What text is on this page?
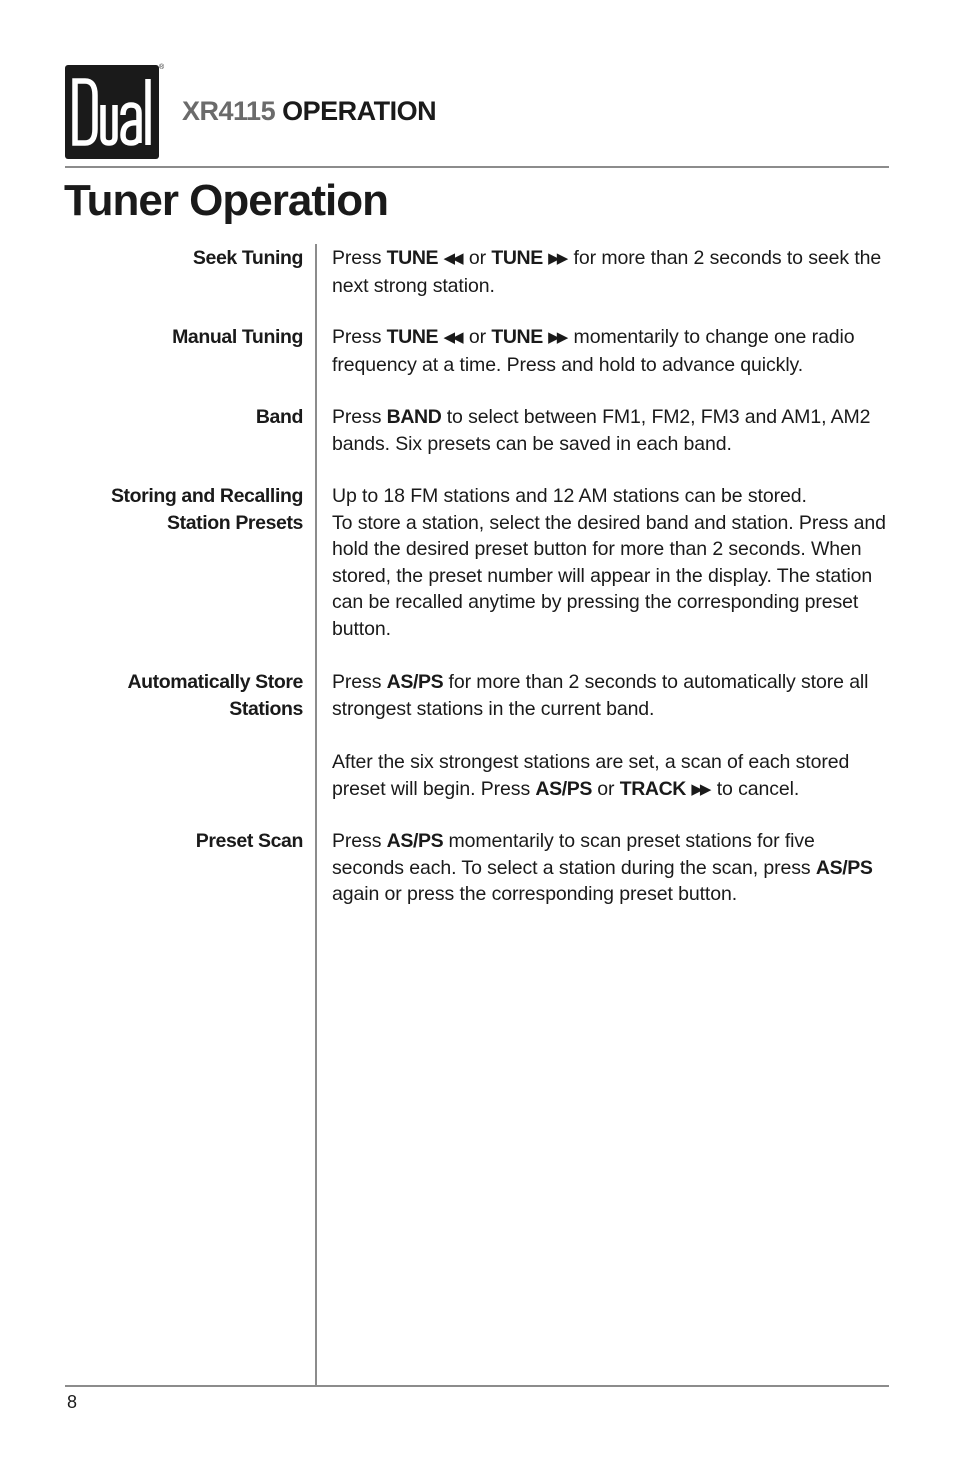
®
XR4115 OPERATION
Tuner Operation
Seek Tuning Press TUNE ◀◀ or TUNE ▶▶ for more than 2 seconds to seek the next strong station.
Manual Tuning Press TUNE ◀◀ or TUNE ▶▶ momentarily to change one radio frequency at a time. Press and hold to advance quickly.
Band Press BAND to select between FM1, FM2, FM3 and AM1, AM2 bands. Six presets can be saved in each band.
Storing and Recalling
Station Presets
Up to 18 FM stations and 12 AM stations can be stored.
To store a station, select the desired band and station. Press and hold the desired preset button for more than 2 seconds. When stored, the preset number will appear in the display. The station can be recalled anytime by pressing the corresponding preset button.
Automatically Store
Stations
Press AS/PS for more than 2 seconds to automatically store all strongest stations in the current band.
After the six strongest stations are set, a scan of each stored preset will begin. Press AS/PS or TRACK ▶▶ to cancel.
Preset Scan Press AS/PS momentarily to scan preset stations for five seconds each. To select a station during the scan, press AS/PS again or press the corresponding preset button.
8
